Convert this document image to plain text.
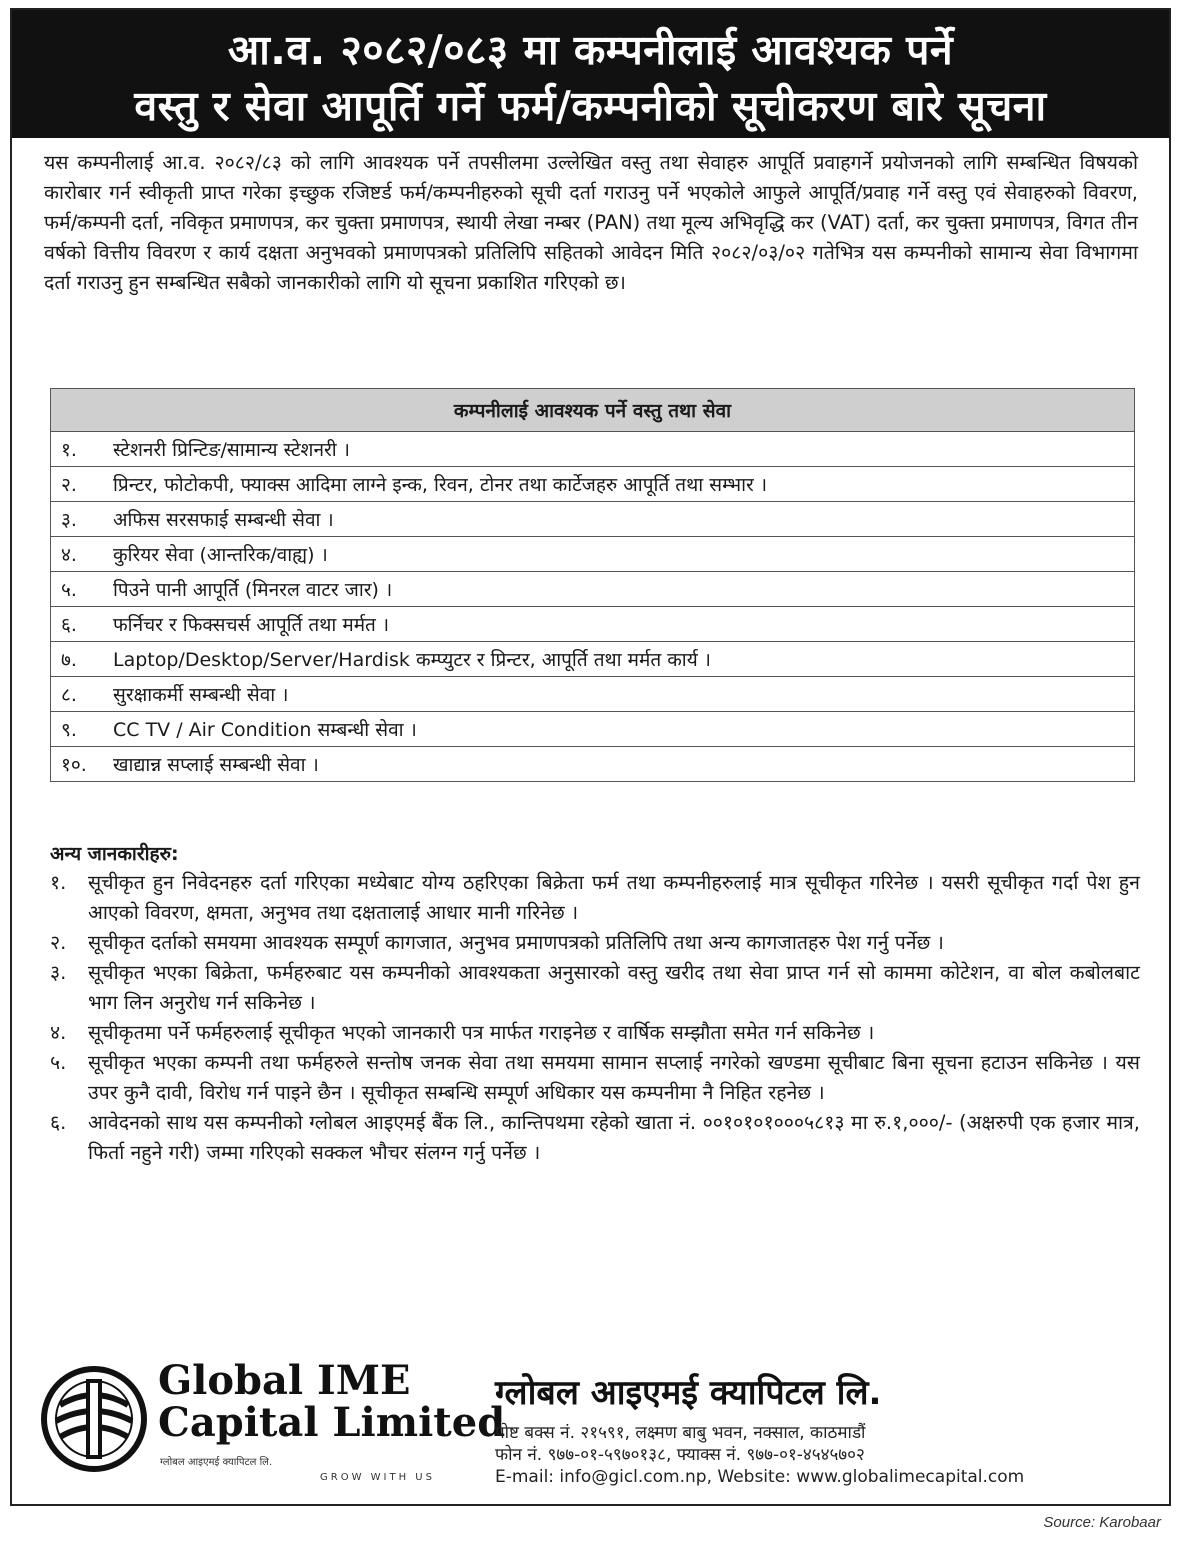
आ.व. २०८२/०८३ मा कम्पनीलाई आवश्यक पर्ने
वस्तु र सेवा आपूर्ति गर्ने फर्म/कम्पनीको सूचीकरण बारे सूचना

यस कम्पनीलाई आ.व. २०८२/८३ को लागि आवश्यक पर्ने तपसीलमा उल्लेखित वस्तु तथा सेवाहरु आपूर्ति प्रवाहगर्ने प्रयोजनको लागि सम्बन्धित विषयको कारोबार गर्न स्वीकृती प्राप्त गरेका इच्छुक रजिष्टर्ड फर्म/कम्पनीहरुको सूची दर्ता गराउनु पर्ने भएकोले आफुले आपूर्ति/प्रवाह गर्ने वस्तु एवं सेवाहरुको विवरण, फर्म/कम्पनी दर्ता, नविकृत प्रमाणपत्र, कर चुक्ता प्रमाणपत्र, स्थायी लेखा नम्बर (PAN) तथा मूल्य अभिवृद्धि कर (VAT) दर्ता, कर चुक्ता प्रमाणपत्र, विगत तीन वर्षको वित्तीय विवरण र कार्य दक्षता अनुभवको प्रमाणपत्रको प्रतिलिपि सहितको आवेदन मिति २०८२/०३/०२ गतेभित्र यस कम्पनीको सामान्य सेवा विभागमा दर्ता गराउनु हुन सम्बन्धित सबैको जानकारीको लागि यो सूचना प्रकाशित गरिएको छ।

कम्पनीलाई आवश्यक पर्ने वस्तु तथा सेवा
१. स्टेशनरी प्रिन्टिङ/सामान्य स्टेशनरी ।
२. प्रिन्टर, फोटोकपी, फ्याक्स आदिमा लाग्ने इन्क, रिवन, टोनर तथा कार्टेजहरु आपूर्ति तथा सम्भार ।
३. अफिस सरसफाई सम्बन्धी सेवा ।
४. कुरियर सेवा (आन्तरिक/वाह्य) ।
५. पिउने पानी आपूर्ति (मिनरल वाटर जार) ।
६. फर्निचर र फिक्सचर्स आपूर्ति तथा मर्मत ।
७. Laptop/Desktop/Server/Hardisk कम्प्युटर र प्रिन्टर, आपूर्ति तथा मर्मत कार्य ।
८. सुरक्षाकर्मी सम्बन्धी सेवा ।
९. CC TV / Air Condition सम्बन्धी सेवा ।
१०. खाद्यान्न सप्लाई सम्बन्धी सेवा ।
अन्य जानकारीहरु:
१. सूचीकृत हुन निवेदनहरु दर्ता गरिएका मध्येबाट योग्य ठहरिएका बिक्रेता फर्म तथा कम्पनीहरुलाई मात्र सूचीकृत गरिनेछ । यसरी सूचीकृत गर्दा पेश हुन आएको विवरण, क्षमता, अनुभव तथा दक्षतालाई आधार मानी गरिनेछ ।
२. सूचीकृत दर्ताको समयमा आवश्यक सम्पूर्ण कागजात, अनुभव प्रमाणपत्रको प्रतिलिपि तथा अन्य कागजातहरु पेश गर्नु पर्नेछ ।
३. सूचीकृत भएका बिक्रेता, फर्महरुबाट यस कम्पनीको आवश्यकता अनुसारको वस्तु खरीद तथा सेवा प्राप्त गर्न सो काममा कोटेशन, वा बोल कबोलबाट भाग लिन अनुरोध गर्न सकिनेछ ।
४. सूचीकृतमा पर्ने फर्महरुलाई सूचीकृत भएको जानकारी पत्र मार्फत गराइनेछ र वार्षिक सम्झौता समेत गर्न सकिनेछ ।
५. सूचीकृत भएका कम्पनी तथा फर्महरुले सन्तोष जनक सेवा तथा समयमा सामान सप्लाई नगरेको खण्डमा सूचीबाट बिना सूचना हटाउन सकिनेछ । यस उपर कुनै दावी, विरोध गर्न पाइने छैन । सूचीकृत सम्बन्धि सम्पूर्ण अधिकार यस कम्पनीमा नै निहित रहनेछ ।
६. आवेदनको साथ यस कम्पनीको ग्लोबल आइएमई बैंक लि., कान्तिपथमा रहेको खाता नं. ००१०१०१०००५८१३ मा रु.१,०००/- (अक्षरुपी एक हजार मात्र, फिर्ता नहुने गरी) जम्मा गरिएको सक्कल भौचर संलग्न गर्नु पर्नेछ ।
Global IME
Capital Limited
ग्लोबल आइएमई क्यापिटल लि.
GROW WITH US
ग्लोबल आइएमई क्यापिटल लि.
पोष्ट बक्स नं. २१५९१, लक्ष्मण बाबु भवन, नक्साल, काठमाडौं
फोन नं. ९७७-०१-५९७०१३८, फ्याक्स नं. ९७७-०१-४५४५७०२
E-mail: info@gicl.com.np, Website: www.globalimecapital.com
Source: Karobaar
